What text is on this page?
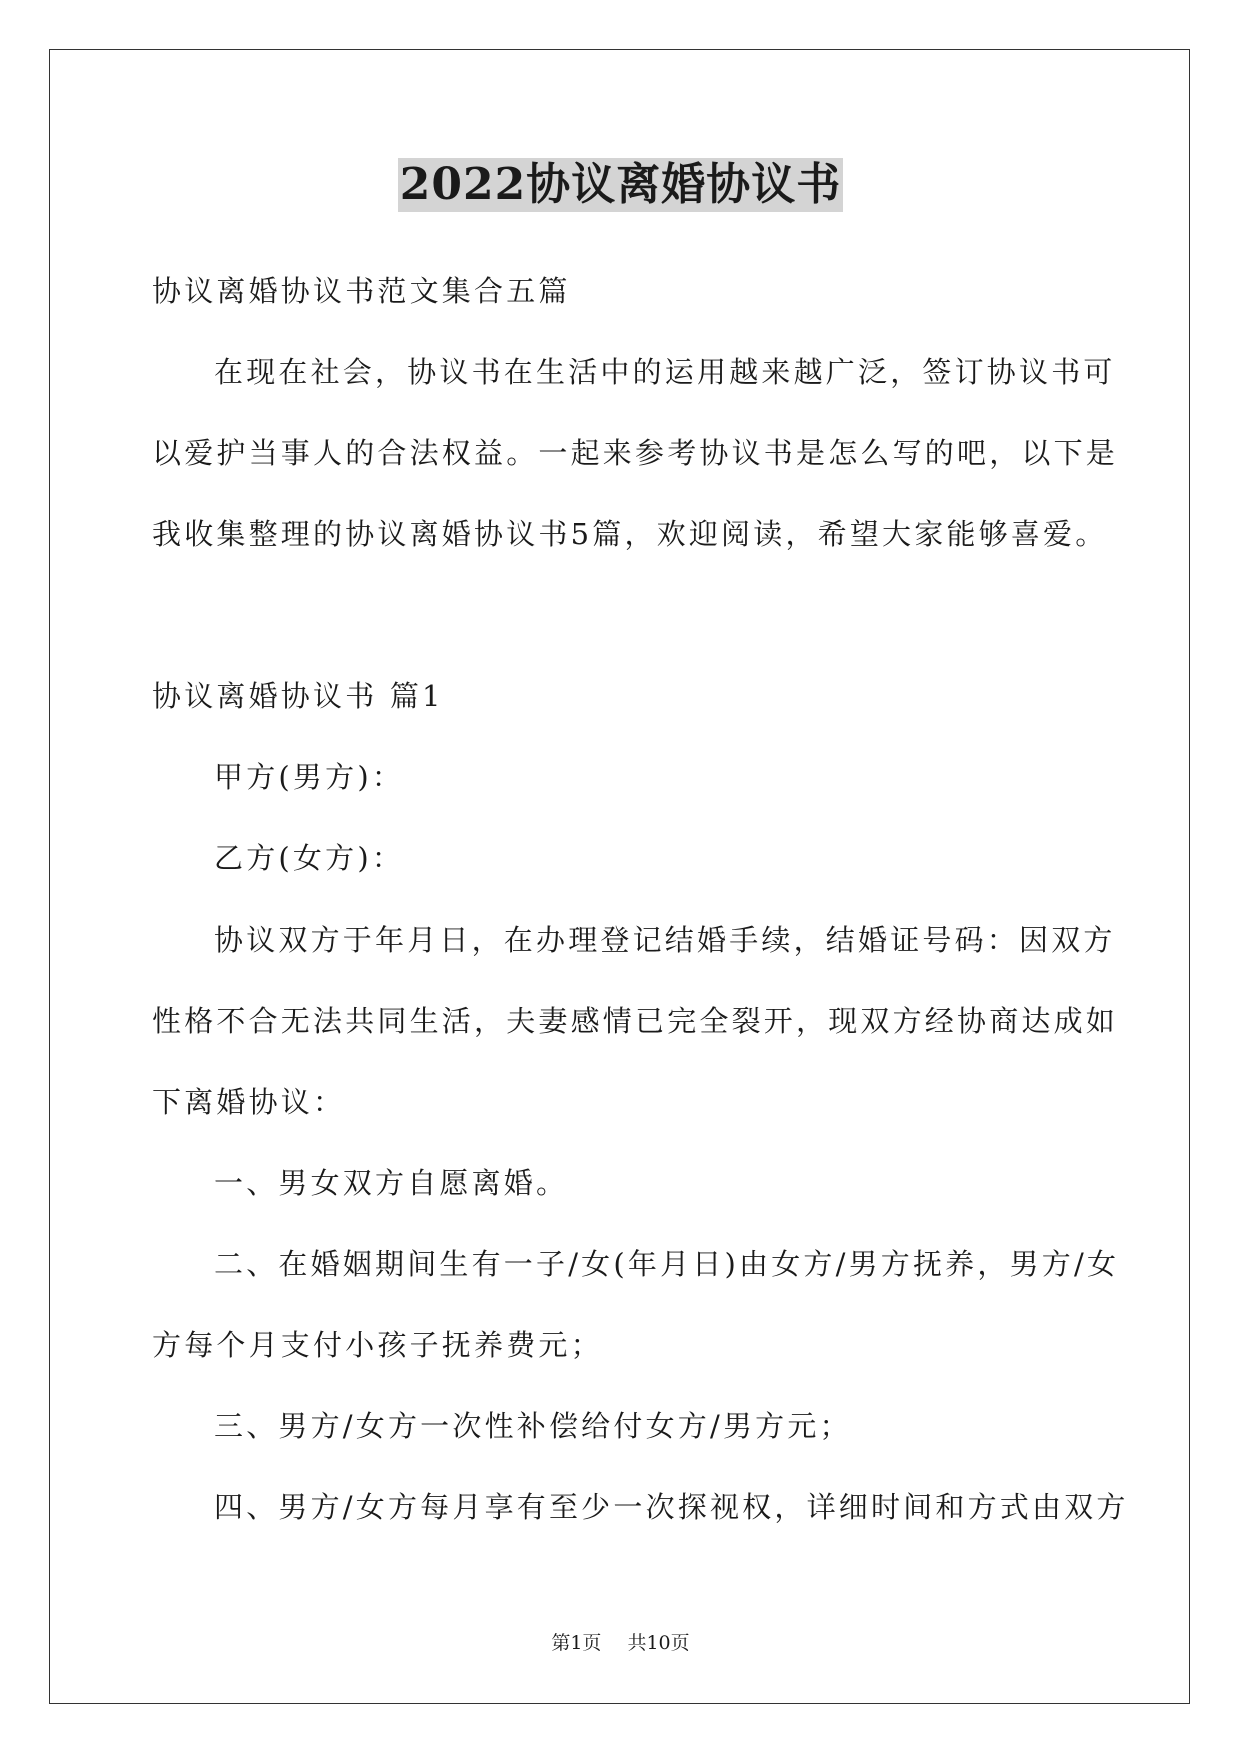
2022协议离婚协议书
协议离婚协议书范文集合五篇
在现在社会，协议书在生活中的运用越来越广泛，签订协议书可
以爱护当事人的合法权益。一起来参考协议书是怎么写的吧，以下是
我收集整理的协议离婚协议书5篇，欢迎阅读，希望大家能够喜爱。
协议离婚协议书 篇1
甲方(男方)：
乙方(女方)：
协议双方于年月日，在办理登记结婚手续，结婚证号码：因双方
性格不合无法共同生活，夫妻感情已完全裂开，现双方经协商达成如
下离婚协议：
一、男女双方自愿离婚。
二、在婚姻期间生有一子/女(年月日)由女方/男方抚养，男方/女
方每个月支付小孩子抚养费元；
三、男方/女方一次性补偿给付女方/男方元；
四、男方/女方每月享有至少一次探视权，详细时间和方式由双方
第1页 共10页
